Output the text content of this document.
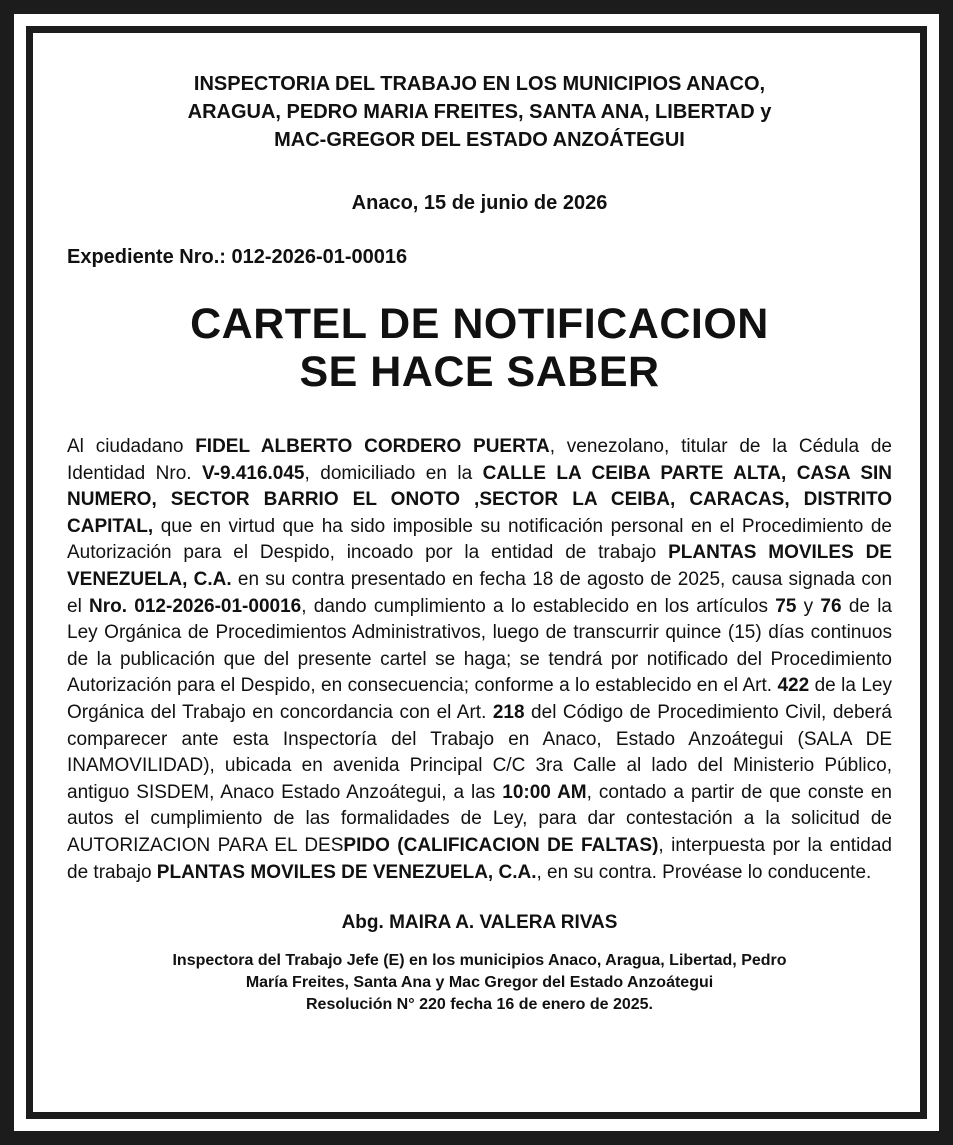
INSPECTORIA DEL TRABAJO EN LOS MUNICIPIOS ANACO,
ARAGUA, PEDRO MARIA FREITES, SANTA ANA, LIBERTAD y
MAC-GREGOR DEL ESTADO ANZOÁTEGUI
Anaco, 15 de junio de 2026
Expediente Nro.: 012-2026-01-00016
CARTEL DE NOTIFICACION
SE HACE SABER
Al ciudadano FIDEL ALBERTO CORDERO PUERTA, venezolano, titular de la Cédula de Identidad Nro. V-9.416.045, domiciliado en la CALLE LA CEIBA PARTE ALTA, CASA SIN NUMERO, SECTOR BARRIO EL ONOTO ,SECTOR LA CEIBA, CARACAS, DISTRITO CAPITAL, que en virtud que ha sido imposible su notificación personal en el Procedimiento de Autorización para el Despido, incoado por la entidad de trabajo PLANTAS MOVILES DE VENEZUELA, C.A. en su contra presentado en fecha 18 de agosto de 2025, causa signada con el Nro. 012-2026-01-00016, dando cumplimiento a lo establecido en los artículos 75 y 76 de la Ley Orgánica de Procedimientos Administrativos, luego de transcurrir quince (15) días continuos de la publicación que del presente cartel se haga; se tendrá por notificado del Procedimiento Autorización para el Despido, en consecuencia; conforme a lo establecido en el Art. 422 de la Ley Orgánica del Trabajo en concordancia con el Art. 218 del Código de Procedimiento Civil, deberá comparecer ante esta Inspectoría del Trabajo en Anaco, Estado Anzoátegui (SALA DE INAMOVILIDAD), ubicada en avenida Principal C/C 3ra Calle al lado del Ministerio Público, antiguo SISDEM, Anaco Estado Anzoátegui, a las 10:00 AM, contado a partir de que conste en autos el cumplimiento de las formalidades de Ley, para dar contestación a la solicitud de AUTORIZACION PARA EL DESPIDO (CALIFICACION DE FALTAS), interpuesta por la entidad de trabajo PLANTAS MOVILES DE VENEZUELA, C.A., en su contra. Provéase lo conducente.
Abg. MAIRA A. VALERA RIVAS
Inspectora del Trabajo Jefe (E) en los municipios Anaco, Aragua, Libertad, Pedro
María Freites, Santa Ana y Mac Gregor del Estado Anzoátegui
Resolución N° 220 fecha 16 de enero de 2025.
